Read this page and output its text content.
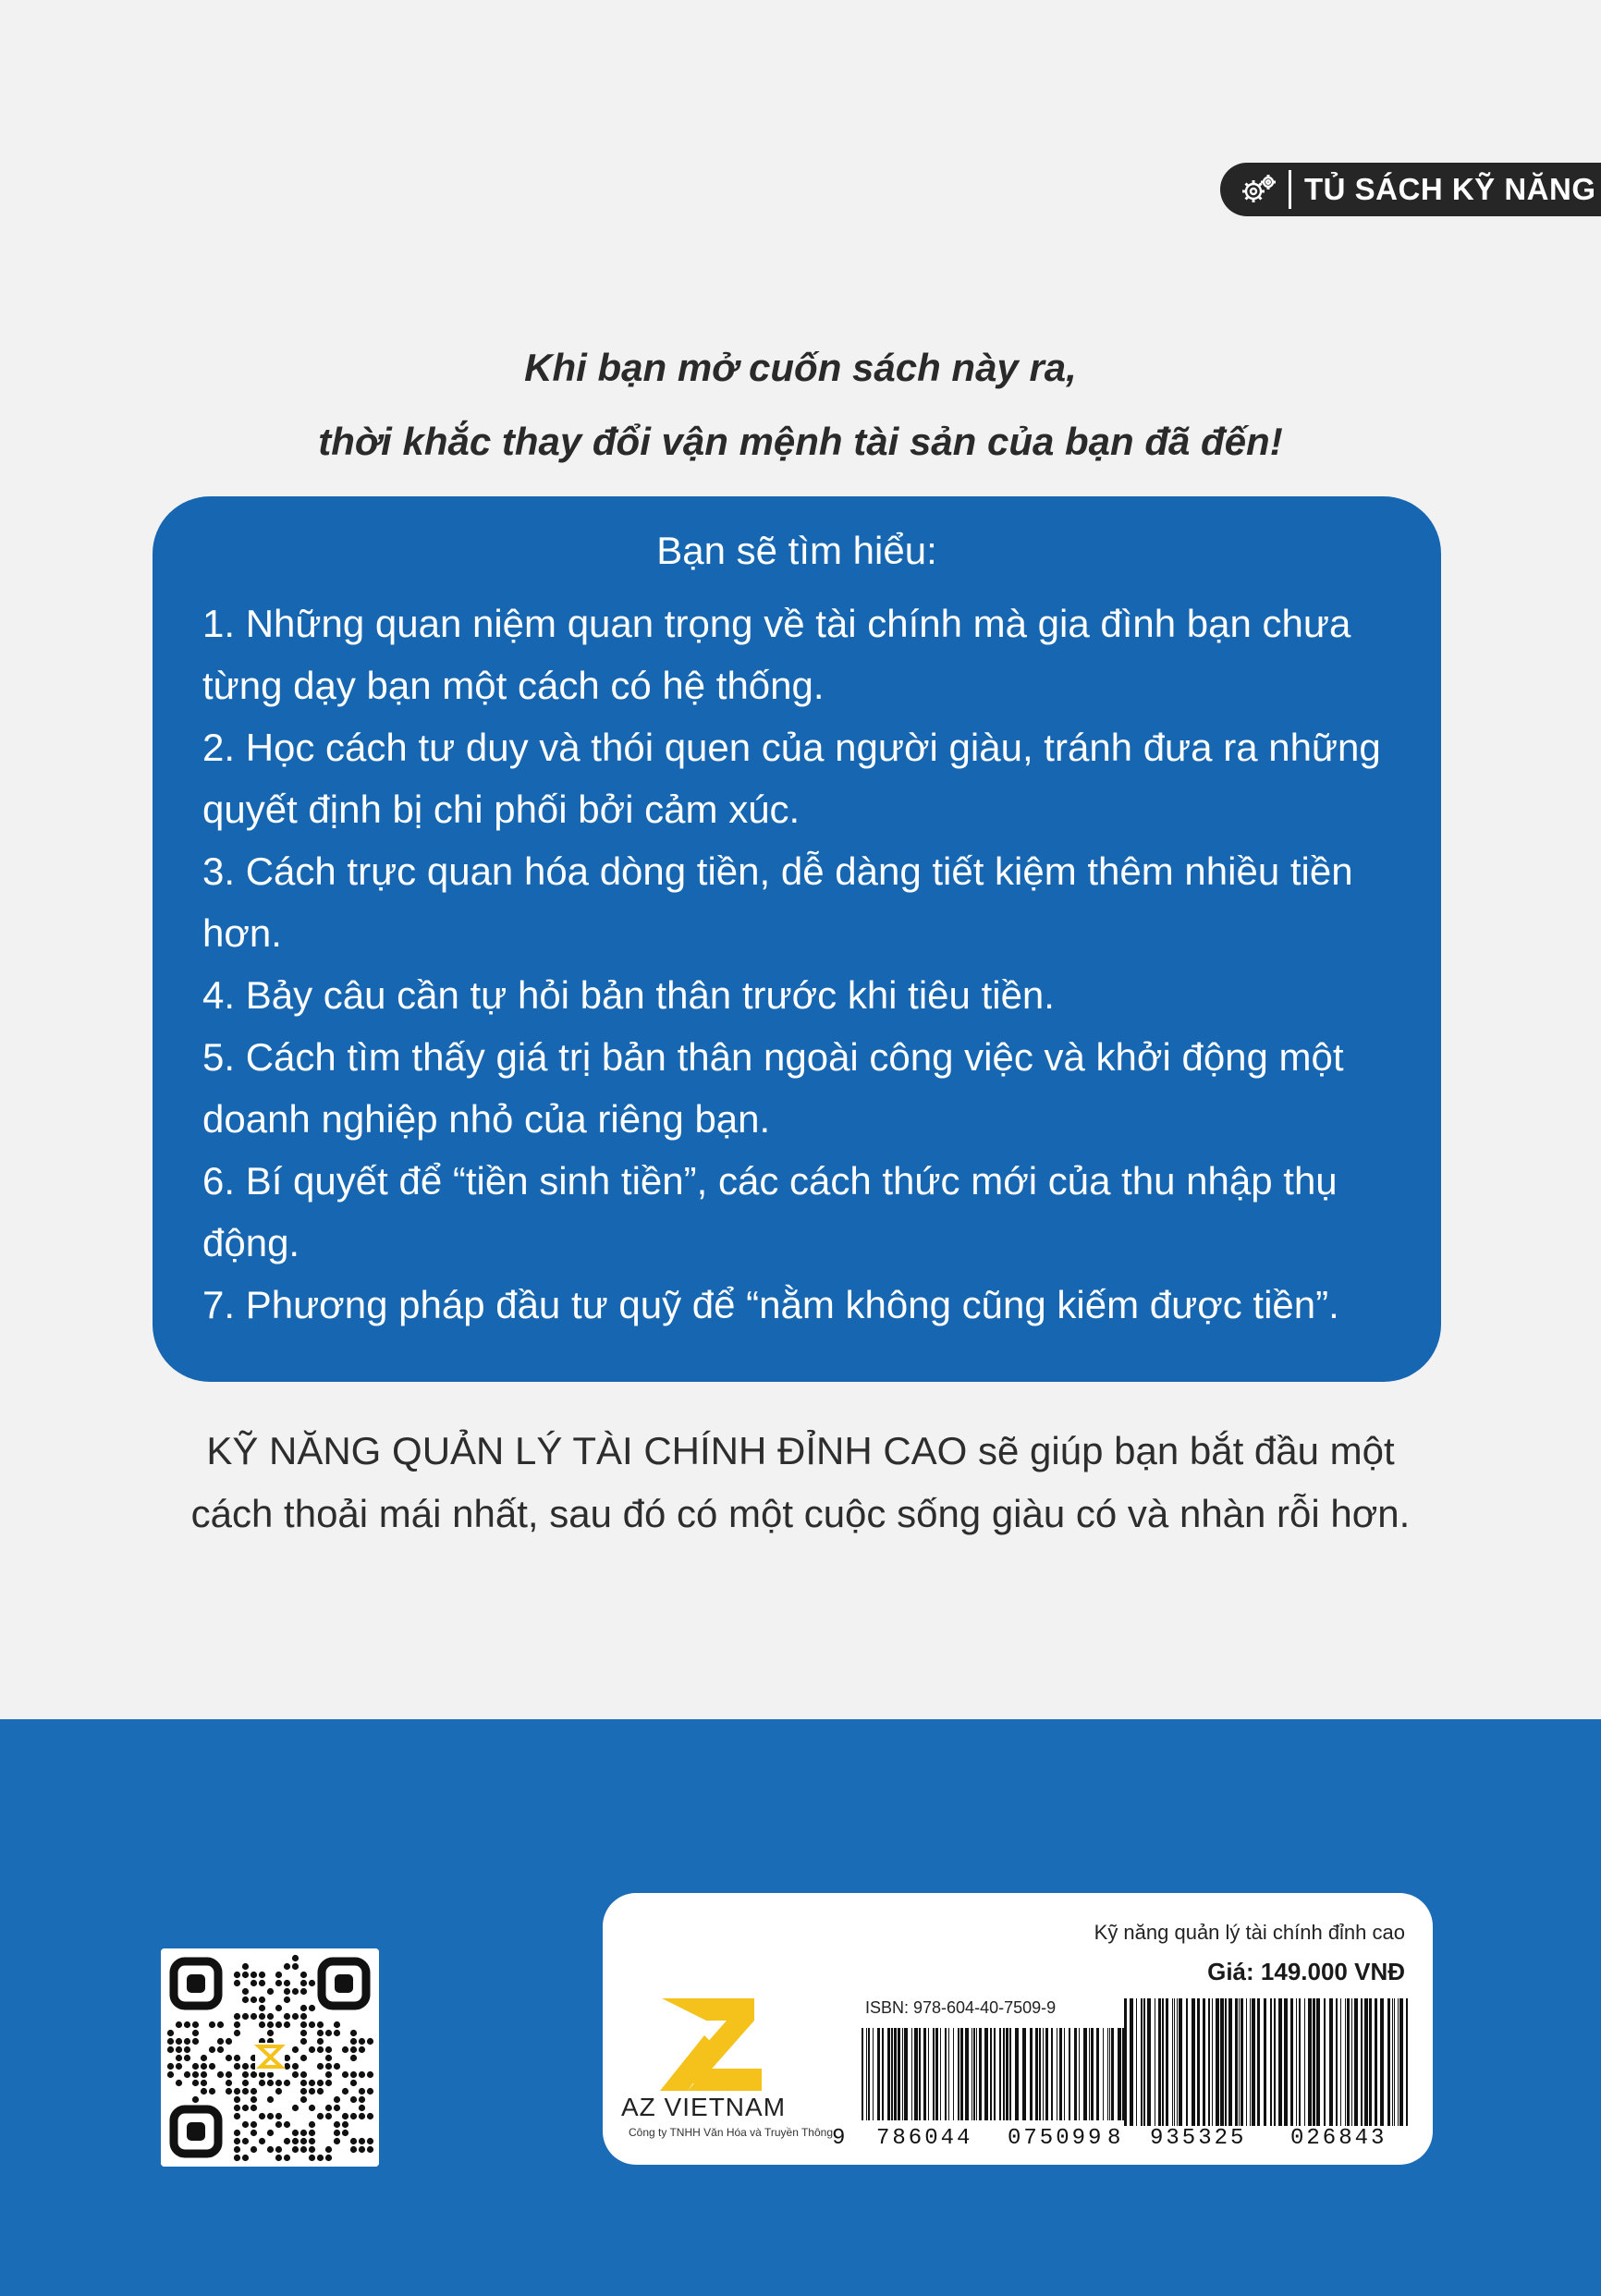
TỦ SÁCH KỸ NĂNG
Khi bạn mở cuốn sách này ra,
thời khắc thay đổi vận mệnh tài sản của bạn đã đến!
Bạn sẽ tìm hiểu:
1. Những quan niệm quan trọng về tài chính mà gia đình bạn chưa từng dạy bạn một cách có hệ thống.
2. Học cách tư duy và thói quen của người giàu, tránh đưa ra những quyết định bị chi phối bởi cảm xúc.
3. Cách trực quan hóa dòng tiền, dễ dàng tiết kiệm thêm nhiều tiền hơn.
4. Bảy câu cần tự hỏi bản thân trước khi tiêu tiền.
5. Cách tìm thấy giá trị bản thân ngoài công việc và khởi động một doanh nghiệp nhỏ của riêng bạn.
6. Bí quyết để “tiền sinh tiền”, các cách thức mới của thu nhập thụ động.
7. Phương pháp đầu tư quỹ để “nằm không cũng kiếm được tiền”.
KỸ NĂNG QUẢN LÝ TÀI CHÍNH ĐỈNH CAO sẽ giúp bạn bắt đầu một cách thoải mái nhất, sau đó có một cuộc sống giàu có và nhàn rỗi hơn.
AZ VIETNAM
Công ty TNHH Văn Hóa và Truyền Thông
Kỹ năng quản lý tài chính đỉnh cao
Giá: 149.000 VNĐ
ISBN: 978-604-40-7509-9
9 786044 075099 8 935325 026843
